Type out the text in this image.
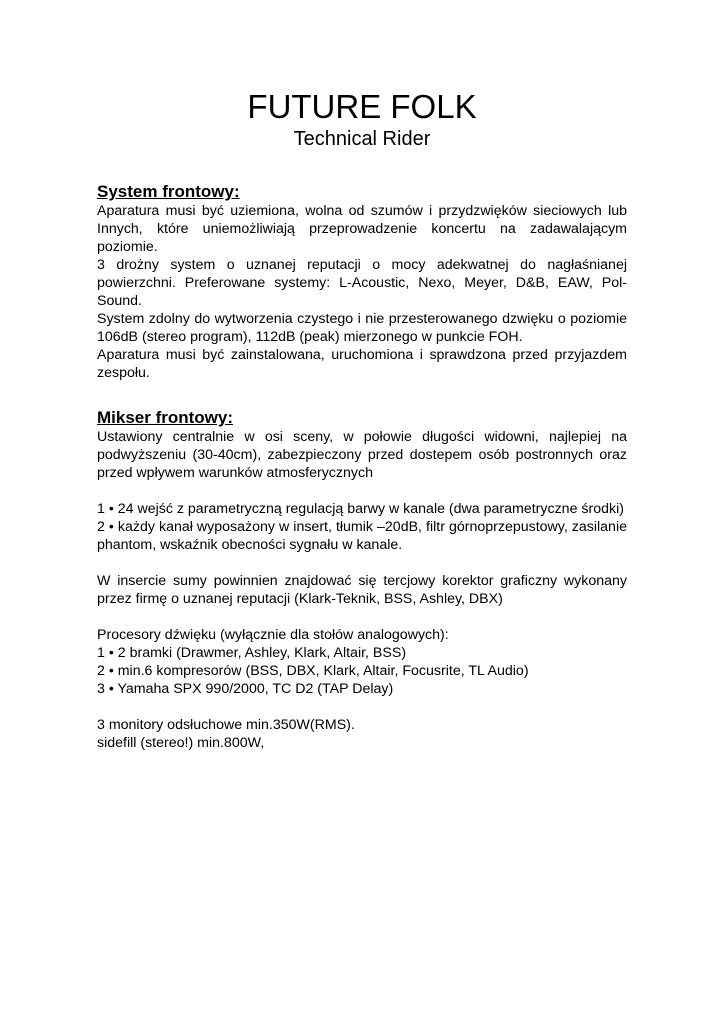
FUTURE FOLK

Technical Rider

System frontowy:

Aparatura musi być uziemiona, wolna od szumów i przydzwięków sieciowych lub Innych, które uniemożliwiają przeprowadzenie koncertu na zadawalającym poziomie.

3 drożny system o uznanej reputacji o mocy adekwatnej do nagłaśnianej powierzchni. Preferowane systemy: L-Acoustic, Nexo, Meyer, D&B, EAW, Pol-Sound.

System zdolny do wytworzenia czystego i nie przesterowanego dzwięku o poziomie 106dB (stereo program), 112dB (peak) mierzonego w punkcie FOH.

Aparatura musi być zainstalowana, uruchomiona i sprawdzona przed przyjazdem zespołu.

Mikser frontowy:

Ustawiony centralnie w osi sceny, w połowie długości widowni, najlepiej na podwyższeniu (30-40cm), zabezpieczony przed dostepem osób postronnych oraz przed wpływem warunków atmosferycznych

1 • 24 wejść z parametryczną regulacją barwy w kanale (dwa parametryczne środki)

2 • każdy kanał wyposażony w insert, tłumik –20dB, filtr górnoprzepustowy, zasilanie phantom, wskaźnik obecności sygnału w kanale.

W insercie sumy powinnien znajdować się tercjowy korektor graficzny wykonany przez firmę o uznanej reputacji (Klark-Teknik, BSS, Ashley, DBX)

Procesory dźwięku (wyłącznie dla stołów analogowych):

1 • 2 bramki (Drawmer, Ashley, Klark, Altair, BSS)

2 • min.6 kompresorów (BSS, DBX, Klark, Altair, Focusrite, TL Audio)

3 • Yamaha SPX 990/2000, TC D2 (TAP Delay)

3 monitory odsłuchowe min.350W(RMS).

sidefill (stereo!) min.800W,
